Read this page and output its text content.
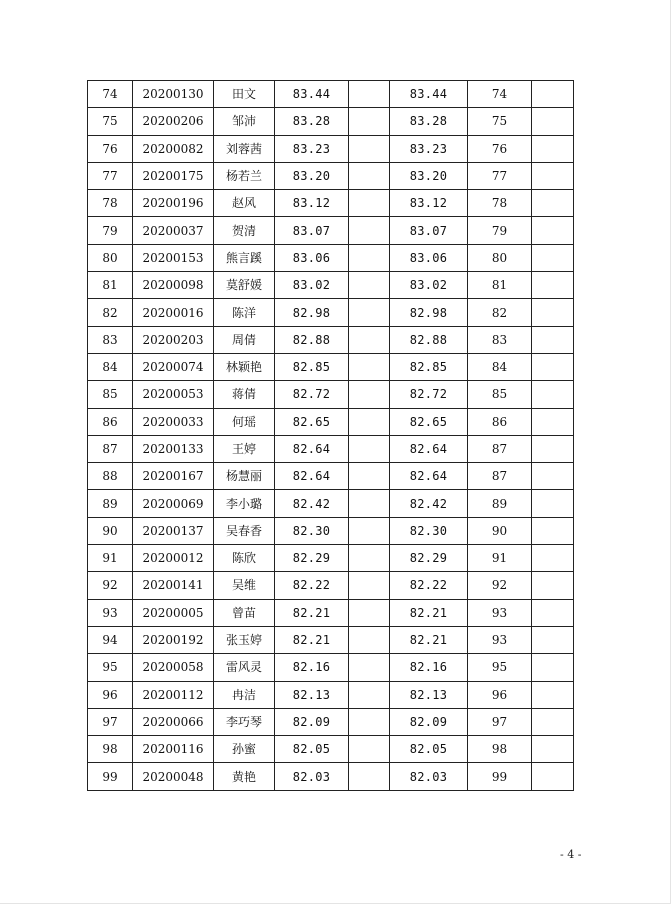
74	20200130	田文	83.44		83.44	74	
75	20200206	邹沛	83.28		83.28	75	
76	20200082	刘蓉茜	83.23		83.23	76	
77	20200175	杨若兰	83.20		83.20	77	
78	20200196	赵风	83.12		83.12	78	
79	20200037	贺清	83.07		83.07	79	
80	20200153	熊言蹊	83.06		83.06	80	
81	20200098	莫舒媛	83.02		83.02	81	
82	20200016	陈洋	82.98		82.98	82	
83	20200203	周倩	82.88		82.88	83	
84	20200074	林颖艳	82.85		82.85	84	
85	20200053	蒋倩	82.72		82.72	85	
86	20200033	何瑶	82.65		82.65	86	
87	20200133	王婷	82.64		82.64	87	
88	20200167	杨慧丽	82.64		82.64	87	
89	20200069	李小璐	82.42		82.42	89	
90	20200137	吴春香	82.30		82.30	90	
91	20200012	陈欣	82.29		82.29	91	
92	20200141	吴维	82.22		82.22	92	
93	20200005	曾苗	82.21		82.21	93	
94	20200192	张玉婷	82.21		82.21	93	
95	20200058	雷风灵	82.16		82.16	95	
96	20200112	冉洁	82.13		82.13	96	
97	20200066	李巧琴	82.09		82.09	97	
98	20200116	孙蜜	82.05		82.05	98	
99	20200048	黄艳	82.03		82.03	99	
- 4 -
